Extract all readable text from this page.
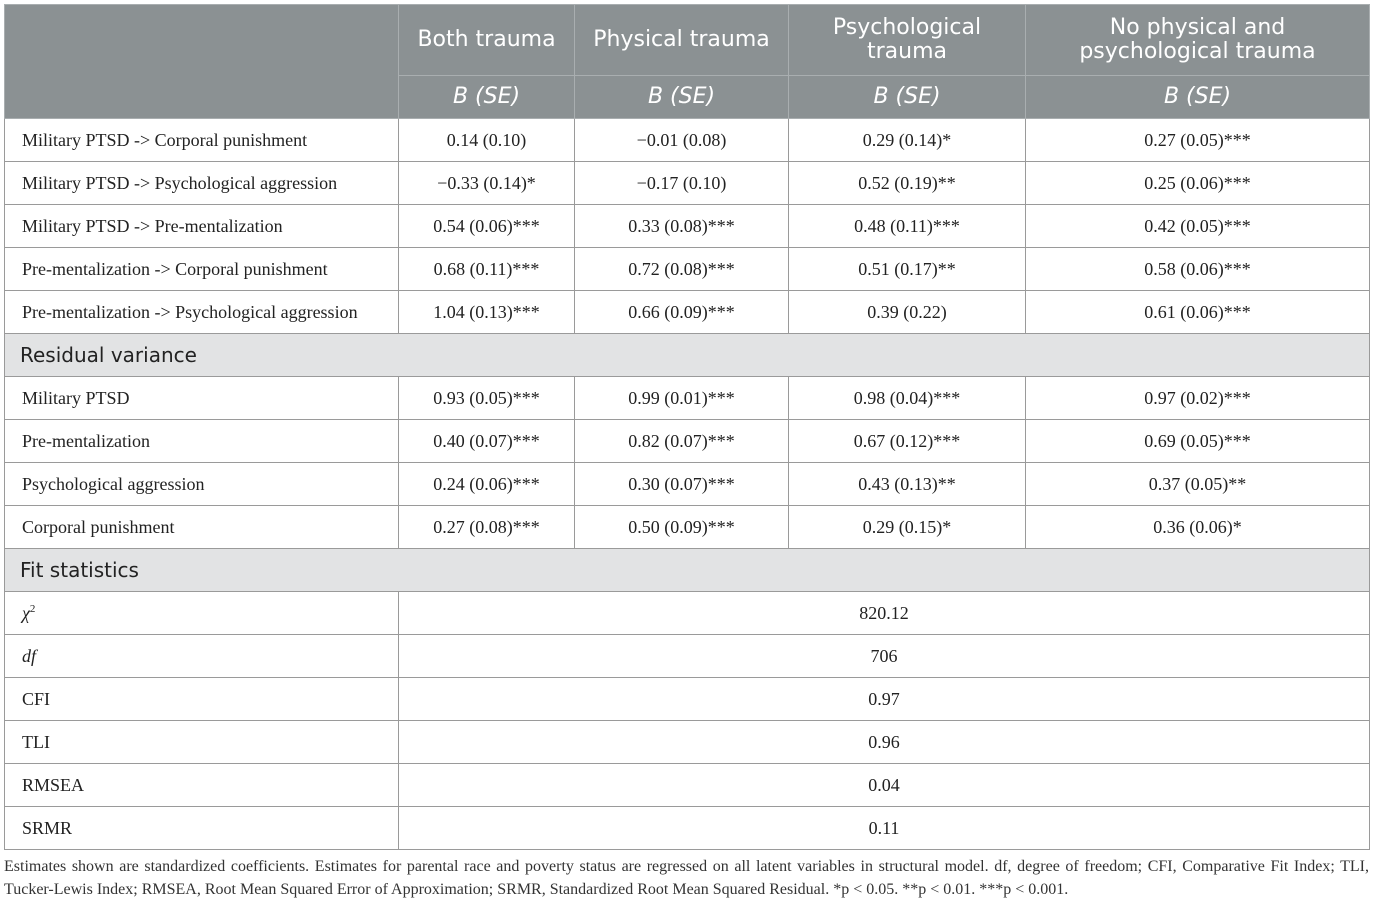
	Both trauma	Physical trauma	Psychological trauma	No physical and psychological trauma
	B (SE)	B (SE)	B (SE)	B (SE)
Military PTSD -> Corporal punishment	0.14 (0.10)	−0.01 (0.08)	0.29 (0.14)*	0.27 (0.05)***
Military PTSD -> Psychological aggression	−0.33 (0.14)*	−0.17 (0.10)	0.52 (0.19)**	0.25 (0.06)***
Military PTSD -> Pre-mentalization	0.54 (0.06)***	0.33 (0.08)***	0.48 (0.11)***	0.42 (0.05)***
Pre-mentalization -> Corporal punishment	0.68 (0.11)***	0.72 (0.08)***	0.51 (0.17)**	0.58 (0.06)***
Pre-mentalization -> Psychological aggression	1.04 (0.13)***	0.66 (0.09)***	0.39 (0.22)	0.61 (0.06)***
Residual variance				
Military PTSD	0.93 (0.05)***	0.99 (0.01)***	0.98 (0.04)***	0.97 (0.02)***
Pre-mentalization	0.40 (0.07)***	0.82 (0.07)***	0.67 (0.12)***	0.69 (0.05)***
Psychological aggression	0.24 (0.06)***	0.30 (0.07)***	0.43 (0.13)**	0.37 (0.05)**
Corporal punishment	0.27 (0.08)***	0.50 (0.09)***	0.29 (0.15)*	0.36 (0.06)*
Fit statistics				
$\chi^2$	820.12			
df	706			
CFI	0.97			
TLI	0.96			
RMSEA	0.04			
SRMR	0.11			
Estimates shown are standardized coefficients. Estimates for parental race and poverty status are regressed on all latent variables in structural model. df, degree of freedom; CFI, Comparative Fit Index; TLI, Tucker-Lewis Index; RMSEA, Root Mean Squared Error of Approximation; SRMR, Standardized Root Mean Squared Residual. *p < 0.05. **p < 0.01. ***p < 0.001.
